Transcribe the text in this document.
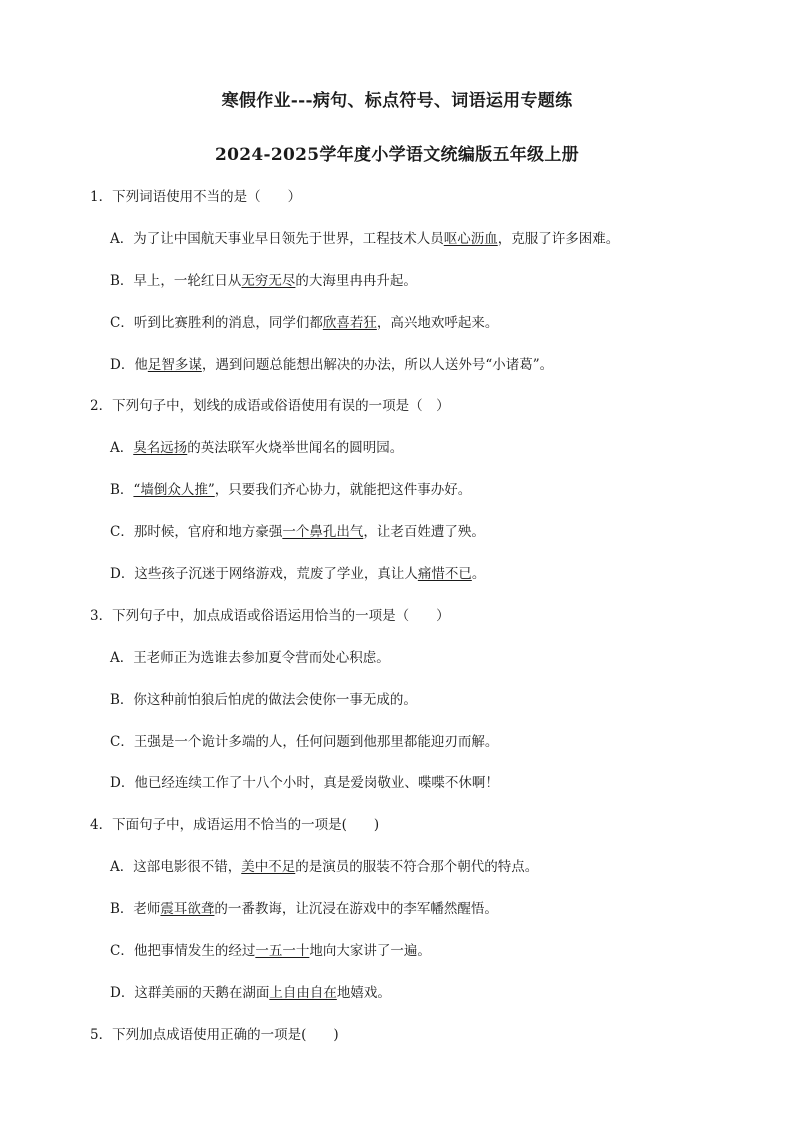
寒假作业---病句、标点符号、词语运用专题练
2024-2025学年度小学语文统编版五年级上册
1．下列词语使用不当的是（　　）
A．为了让中国航天事业早日领先于世界，工程技术人员呕心沥血，克服了许多困难。
B．早上，一轮红日从无穷无尽的大海里冉冉升起。
C．听到比赛胜利的消息，同学们都欣喜若狂，高兴地欢呼起来。
D．他足智多谋，遇到问题总能想出解决的办法，所以人送外号“小诸葛”。
2．下列句子中，划线的成语或俗语使用有误的一项是（　）
A．臭名远扬的英法联军火烧举世闻名的圆明园。
B．“墙倒众人推”，只要我们齐心协力，就能把这件事办好。
C．那时候，官府和地方豪强一个鼻孔出气，让老百姓遭了殃。
D．这些孩子沉迷于网络游戏，荒废了学业，真让人痛惜不已。
3．下列句子中，加点成语或俗语运用恰当的一项是（　　）
A．王老师正为选谁去参加夏令营而处心积虑。
B．你这种前怕狼后怕虎的做法会使你一事无成的。
C．王强是一个诡计多端的人，任何问题到他那里都能迎刃而解。
D．他已经连续工作了十八个小时，真是爱岗敬业、喋喋不休啊！
4．下面句子中，成语运用不恰当的一项是(　　)
A．这部电影很不错，美中不足的是演员的服装不符合那个朝代的特点。
B．老师震耳欲聋的一番教诲，让沉浸在游戏中的李军幡然醒悟。
C．他把事情发生的经过一五一十地向大家讲了一遍。
D．这群美丽的天鹅在湖面上自由自在地嬉戏。
5．下列加点成语使用正确的一项是(　　)
